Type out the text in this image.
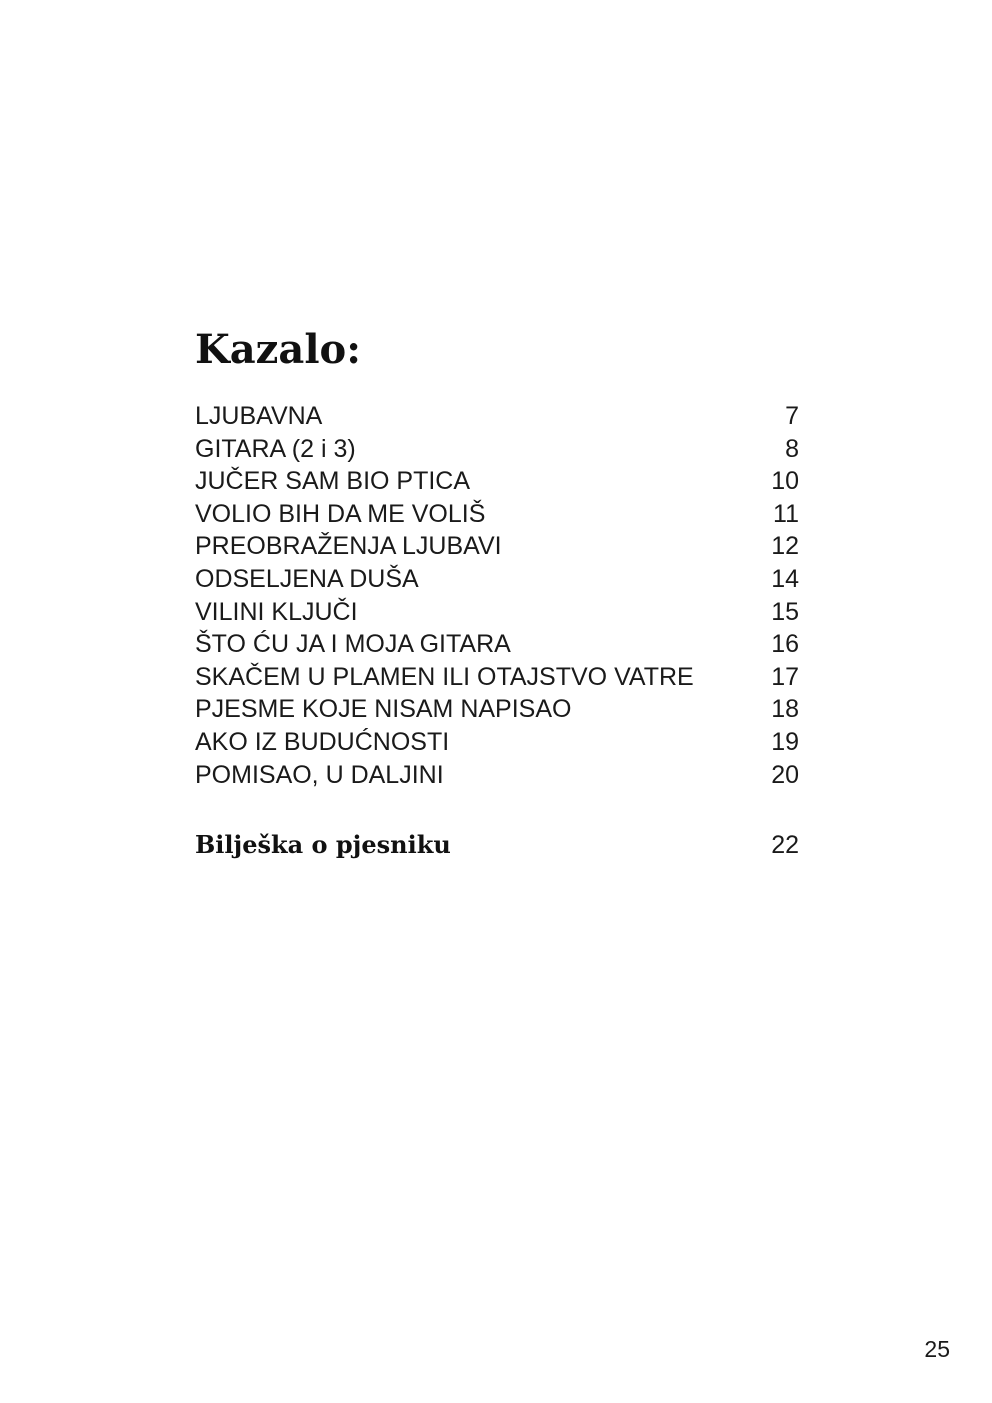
Kazalo:
LJUBAVNA	7
GITARA (2 i 3)	8
JUČER SAM BIO PTICA	10
VOLIO BIH DA ME VOLIŠ	11
PREOBRAŽENJA LJUBAVI	12
ODSELJENA DUŠA	14
VILINI KLJUČI	15
ŠTO ĆU JA I MOJA GITARA	16
SKAČEM U PLAMEN ILI OTAJSTVO VATRE	17
PJESME KOJE NISAM NAPISAO	18
AKO IZ BUDUĆNOSTI	19
POMISAO, U DALJINI	20
Bilješka o pjesniku	22
25
